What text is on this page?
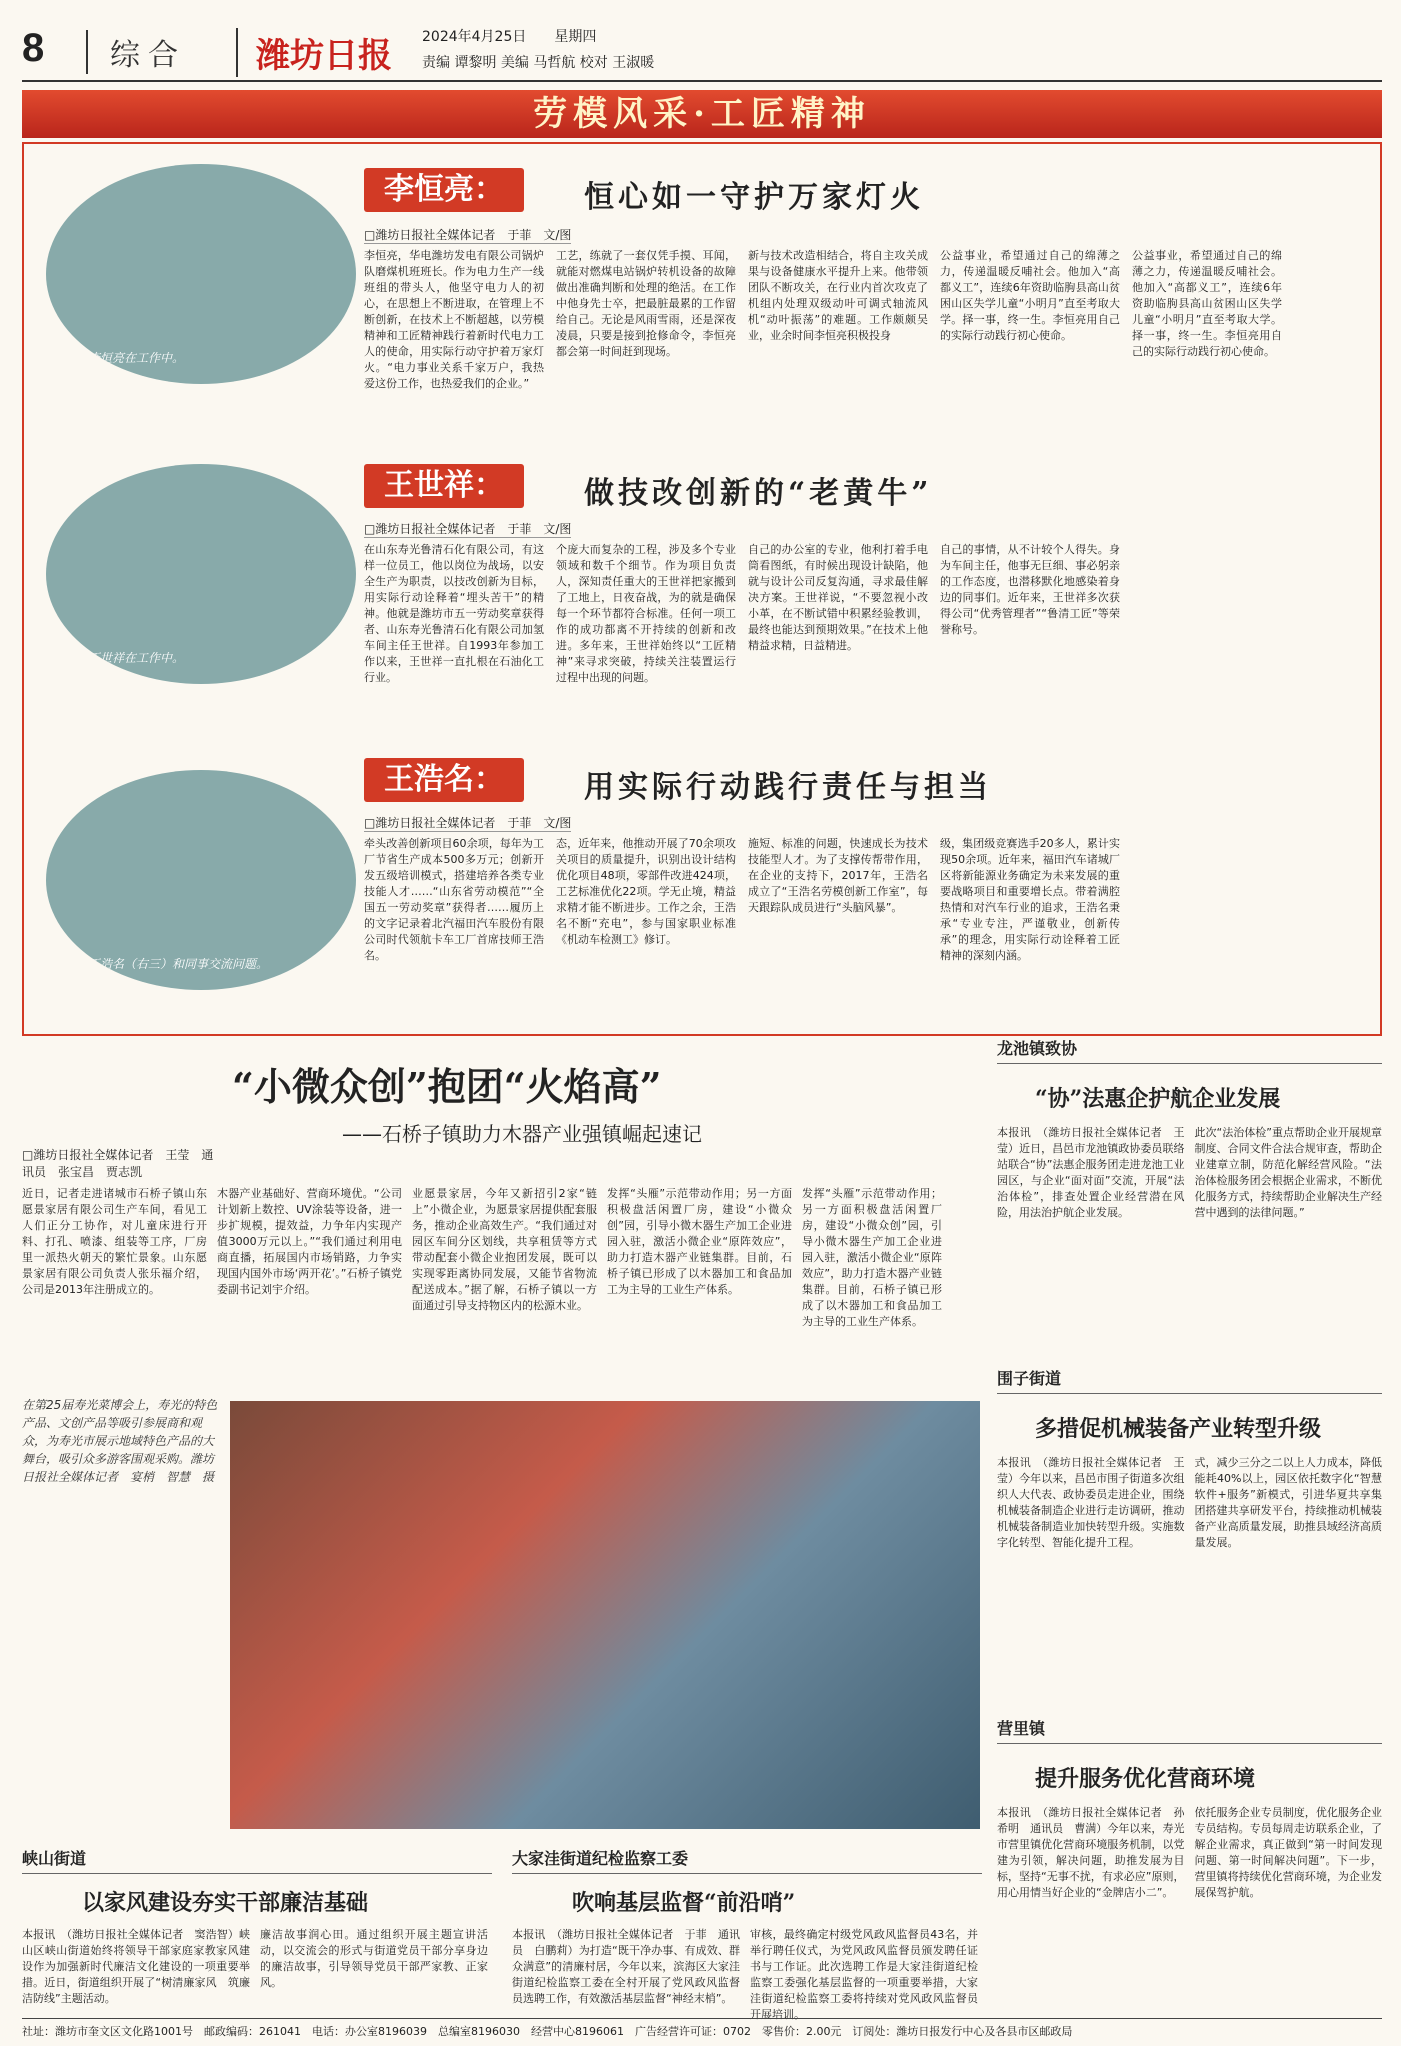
8	综合	潍坊日报 2024年4月25日　　 星期四
责编 谭黎明 美编 马哲航 校对 王淑暖
劳模风采·工匠精神
李恒亮在工作中。
李恒亮：	恒心如一守护万家灯火
□潍坊日报社全媒体记者　于菲　文/图

李恒亮，华电潍坊发电有限公司锅炉队磨煤机班班长。作为电力生产一线班组的带头人，他坚守电力人的初心，在思想上不断进取，在管理上不断创新，在技术上不断超越，以劳模精神和工匠精神践行着新时代电力工人的使命，用实际行动守护着万家灯火。“电力事业关系千家万户，我热爱这份工作，也热爱我们的企业。”

工艺，练就了一套仅凭手摸、耳闻，就能对燃煤电站锅炉转机设备的故障做出准确判断和处理的绝活。在工作中他身先士卒，把最脏最累的工作留给自己。无论是风雨雪雨，还是深夜凌晨，只要是接到抢修命令，李恒亮都会第一时间赶到现场。

新与技术改造相结合，将自主攻关成果与设备健康水平提升上来。他带领团队不断攻关，在行业内首次攻克了机组内处理双级动叶可调式轴流风机“动叶振荡”的难题。工作颇颇吴业，业余时间李恒亮积极投身

公益事业，希望通过自己的绵薄之力，传递温暖反哺社会。他加入“高都义工”，连续6年资助临朐县高山贫困山区失学儿童“小明月”直至考取大学。择一事，终一生。李恒亮用自己的实际行动践行初心使命。

公益事业，希望通过自己的绵薄之力，传递温暖反哺社会。他加入“高都义工”，连续6年资助临朐县高山贫困山区失学儿童“小明月”直至考取大学。择一事，终一生。李恒亮用自己的实际行动践行初心使命。

王世祥在工作中。
王世祥：	做技改创新的“老黄牛”
□潍坊日报社全媒体记者　于菲　文/图

在山东寿光鲁清石化有限公司，有这样一位员工，他以岗位为战场，以安全生产为职责，以技改创新为目标，用实际行动诠释着“埋头苦干”的精神。他就是潍坊市五一劳动奖章获得者、山东寿光鲁清石化有限公司加氢车间主任王世祥。自1993年参加工作以来，王世祥一直扎根在石油化工行业。

个庞大而复杂的工程，涉及多个专业领域和数千个细节。作为项目负责人，深知责任重大的王世祥把家搬到了工地上，日夜奋战，为的就是确保每一个环节都符合标准。任何一项工作的成功都离不开持续的创新和改进。多年来，王世祥始终以“工匠精神”来寻求突破，持续关注装置运行过程中出现的问题。

自己的办公室的专业，他利打着手电筒看图纸，有时候出现设计缺陷，他就与设计公司反复沟通，寻求最佳解决方案。王世祥说，“不要忽视小改小革，在不断试错中积累经验教训，最终也能达到预期效果。”在技术上他精益求精，日益精进。

自己的事情，从不计较个人得失。身为车间主任，他事无巨细、事必躬亲的工作态度，也潜移默化地感染着身边的同事们。近年来，王世祥多次获得公司“优秀管理者”“鲁清工匠”等荣誉称号。

王浩名（右三）和同事交流问题。
王浩名：	用实际行动践行责任与担当
□潍坊日报社全媒体记者　于菲　文/图

牵头改善创新项目60余项，每年为工厂节省生产成本500多万元；创新开发五级培训模式，搭建培养各类专业技能人才……“山东省劳动模范”“全国五一劳动奖章”获得者……履历上的文字记录着北汽福田汽车股份有限公司时代领航卡车工厂首席技师王浩名。

态，近年来，他推动开展了70余项攻关项目的质量提升，识别出设计结构优化项目48项，零部件改进424项，工艺标准优化22项。学无止境，精益求精才能不断进步。工作之余，王浩名不断“充电”，参与国家职业标准《机动车检测工》修订。

施短、标准的问题，快速成长为技术技能型人才。为了支撑传帮带作用，在企业的支持下，2017年，王浩名成立了“王浩名劳模创新工作室”，每天跟踪队成员进行“头脑风暴”。

级，集团级竞赛选手20多人，累计实现50余项。近年来，福田汽车诸城厂区将新能源业务确定为未来发展的重要战略项目和重要增长点。带着满腔热情和对汽车行业的追求，王浩名秉承“专业专注，严谨敬业，创新传承”的理念，用实际行动诠释着工匠精神的深刻内涵。

“小微众创”抱团“火焰高”
——石桥子镇助力木器产业强镇崛起速记
□潍坊日报社全媒体记者　王莹　通讯员　张宝昌　贾志凯

近日，记者走进诸城市石桥子镇山东愿景家居有限公司生产车间，看见工人们正分工协作，对儿童床进行开料、打孔、喷漆、组装等工序，厂房里一派热火朝天的繁忙景象。山东愿景家居有限公司负责人张乐福介绍，公司是2013年注册成立的。

木器产业基础好、营商环境优。“公司计划新上数控、UV涂装等设备，进一步扩规模，提效益，力争年内实现产值3000万元以上。”“我们通过利用电商直播，拓展国内市场销路，力争实现国内国外市场‘两开花’。”石桥子镇党委副书记刘宇介绍。

业愿景家居，今年又新招引2家“链上”小微企业，为愿景家居提供配套服务，推动企业高效生产。“我们通过对园区车间分区划线，共享租赁等方式带动配套小微企业抱团发展，既可以实现零距离协同发展，又能节省物流配送成本。”据了解，石桥子镇以一方面通过引导支持物区内的松源木业。

发挥“头雁”示范带动作用；另一方面积极盘活闲置厂房，建设“小微众创”园，引导小微木器生产加工企业进园入驻，激活小微企业“原阵效应”，助力打造木器产业链集群。目前，石桥子镇已形成了以木器加工和食品加工为主导的工业生产体系。

发挥“头雁”示范带动作用；另一方面积极盘活闲置厂房，建设“小微众创”园，引导小微木器生产加工企业进园入驻，激活小微企业“原阵效应”，助力打造木器产业链集群。目前，石桥子镇已形成了以木器加工和食品加工为主导的工业生产体系。

在第25届寿光菜博会上，寿光的特色产品、文创产品等吸引参展商和观众，为寿光市展示地域特色产品的大舞台，吸引众多游客围观采购。潍坊日报社全媒体记者　宴梢　智慧　摄
龙池镇致协
“协”法惠企护航企业发展

本报讯　（潍坊日报社全媒体记者　王莹）近日，昌邑市龙池镇政协委员联络站联合“协”法惠企服务团走进龙池工业园区，与企业“面对面”交流，开展“法治体检”，排查处置企业经营潜在风险，用法治护航企业发展。

此次“法治体检”重点帮助企业开展规章制度、合同文件合法合规审查，帮助企业建章立制，防范化解经营风险。“法治体检服务团会根据企业需求，不断优化服务方式，持续帮助企业解决生产经营中遇到的法律问题。”

围子街道
多措促机械装备产业转型升级

本报讯　（潍坊日报社全媒体记者　王莹）今年以来，昌邑市围子街道多次组织人大代表、政协委员走进企业，围绕机械装备制造企业进行走访调研，推动机械装备制造业加快转型升级。实施数字化转型、智能化提升工程。

式，减少三分之二以上人力成本，降低能耗40%以上，园区依托数字化“智慧软件+服务”新模式，引进华夏共享集团搭建共享研发平台，持续推动机械装备产业高质量发展，助推县域经济高质量发展。

营里镇
提升服务优化营商环境

本报讯　（潍坊日报社全媒体记者　孙希明　通讯员　曹满）今年以来，寿光市营里镇优化营商环境服务机制，以党建为引领，解决问题，助推发展为目标，坚持“无事不扰，有求必应”原则，用心用情当好企业的“金牌店小二”。

依托服务企业专员制度，优化服务企业专员结构。专员每周走访联系企业，了解企业需求，真正做到“第一时间发现问题、第一时间解决问题”。下一步，营里镇将持续优化营商环境，为企业发展保驾护航。

峡山街道
以家风建设夯实干部廉洁基础

本报讯　（潍坊日报社全媒体记者　窦浩智）峡山区峡山街道始终将领导干部家庭家教家风建设作为加强新时代廉洁文化建设的一项重要举措。近日，街道组织开展了“树清廉家风　筑廉洁防线”主题活动。

廉洁故事润心田。通过组织开展主题宣讲活动，以交流会的形式与街道党员干部分享身边的廉洁故事，引导领导党员干部严家教、正家风。

大家洼街道纪检监察工委
吹响基层监督“前沿哨”

本报讯　（潍坊日报社全媒体记者　于菲　通讯员　白鹏莉）为打造“既干净办事、有成效、群众满意”的清廉村居，今年以来，滨海区大家洼街道纪检监察工委在全村开展了党风政风监督员选聘工作，有效激活基层监督“神经末梢”。

审核，最终确定村级党风政风监督员43名，并举行聘任仪式，为党风政风监督员颁发聘任证书与工作证。此次选聘工作是大家洼街道纪检监察工委强化基层监督的一项重要举措，大家洼街道纪检监察工委将持续对党风政风监督员开展培训。

社址：潍坊市奎文区文化路1001号　邮政编码：261041　电话：办公室8196039　总编室8196030　经营中心8196061　广告经营许可证：0702　零售价：2.00元　订阅处：潍坊日报发行中心及各县市区邮政局
